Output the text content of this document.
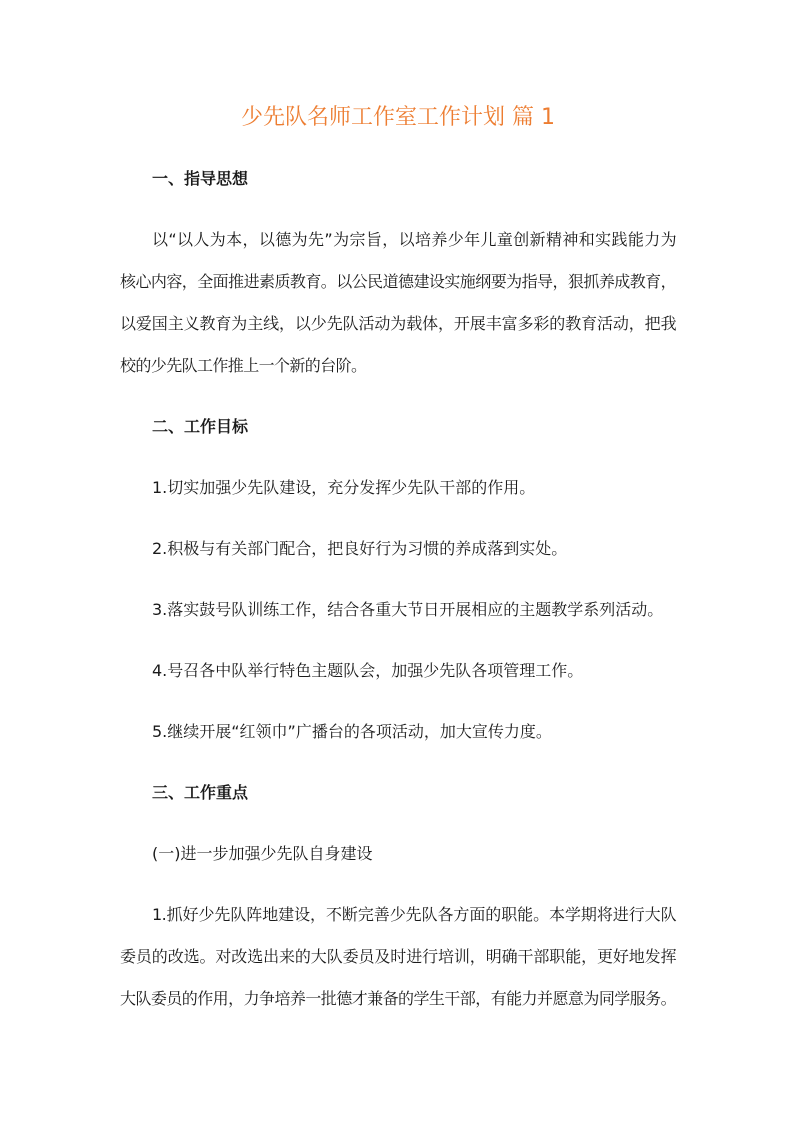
少先队名师工作室工作计划 篇 1
一、指导思想
以“以人为本，以德为先”为宗旨，以培养少年儿童创新精神和实践能力为
核心内容，全面推进素质教育。以公民道德建设实施纲要为指导，狠抓养成教育，
以爱国主义教育为主线，以少先队活动为载体，开展丰富多彩的教育活动，把我
校的少先队工作推上一个新的台阶。
二、工作目标
1.切实加强少先队建设，充分发挥少先队干部的作用。
2.积极与有关部门配合，把良好行为习惯的养成落到实处。
3.落实鼓号队训练工作，结合各重大节日开展相应的主题教学系列活动。
4.号召各中队举行特色主题队会，加强少先队各项管理工作。
5.继续开展“红领巾”广播台的各项活动，加大宣传力度。
三、工作重点
(一)进一步加强少先队自身建设
1.抓好少先队阵地建设，不断完善少先队各方面的职能。本学期将进行大队
委员的改选。对改选出来的大队委员及时进行培训，明确干部职能，更好地发挥
大队委员的作用，力争培养一批德才兼备的学生干部，有能力并愿意为同学服务。
